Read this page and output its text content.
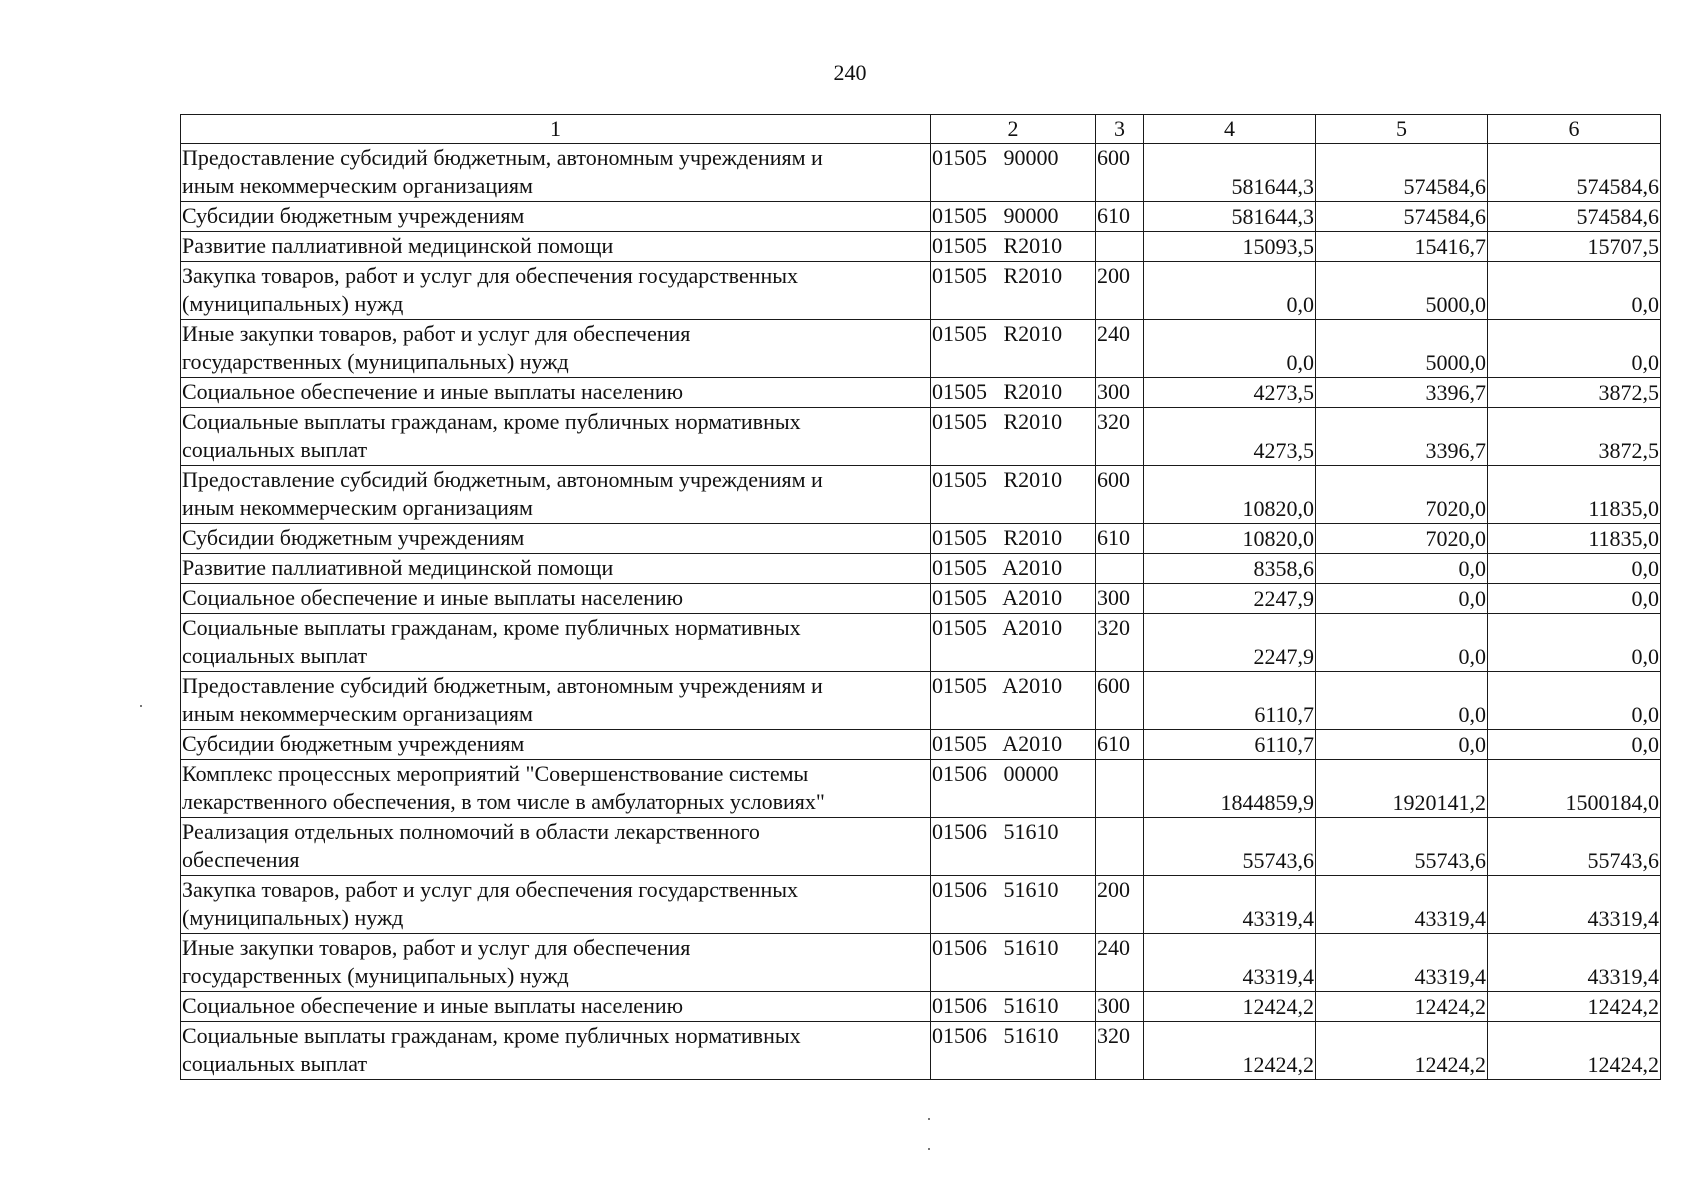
240
1	2	3	4	5	6

Предоставление субсидий бюджетным, автономным учреждениям и
иным некоммерческим организациям	01505   90000	600	581644,3	574584,6	574584,6

Субсидии бюджетным учреждениям	01505   90000	610	581644,3	574584,6	574584,6

Развитие паллиативной медицинской помощи	01505   R2010		15093,5	15416,7	15707,5

Закупка товаров, работ и услуг для обеспечения государственных
(муниципальных) нужд	01505   R2010	200	0,0	5000,0	0,0

Иные закупки товаров, работ и услуг для обеспечения
государственных (муниципальных) нужд	01505   R2010	240	0,0	5000,0	0,0

Социальное обеспечение и иные выплаты населению	01505   R2010	300	4273,5	3396,7	3872,5

Социальные выплаты гражданам, кроме публичных нормативных
социальных выплат	01505   R2010	320	4273,5	3396,7	3872,5

Предоставление субсидий бюджетным, автономным учреждениям и
иным некоммерческим организациям	01505   R2010	600	10820,0	7020,0	11835,0

Субсидии бюджетным учреждениям	01505   R2010	610	10820,0	7020,0	11835,0

Развитие паллиативной медицинской помощи	01505   A2010		8358,6	0,0	0,0

Социальное обеспечение и иные выплаты населению	01505   A2010	300	2247,9	0,0	0,0

Социальные выплаты гражданам, кроме публичных нормативных
социальных выплат	01505   A2010	320	2247,9	0,0	0,0

Предоставление субсидий бюджетным, автономным учреждениям и
иным некоммерческим организациям	01505   A2010	600	6110,7	0,0	0,0

Субсидии бюджетным учреждениям	01505   A2010	610	6110,7	0,0	0,0

Комплекс процессных мероприятий "Совершенствование системы
лекарственного обеспечения, в том числе в амбулаторных условиях"	01506   00000		1844859,9	1920141,2	1500184,0

Реализация отдельных полномочий в области лекарственного
обеспечения	01506   51610		55743,6	55743,6	55743,6

Закупка товаров, работ и услуг для обеспечения государственных
(муниципальных) нужд	01506   51610	200	43319,4	43319,4	43319,4

Иные закупки товаров, работ и услуг для обеспечения
государственных (муниципальных) нужд	01506   51610	240	43319,4	43319,4	43319,4

Социальное обеспечение и иные выплаты населению	01506   51610	300	12424,2	12424,2	12424,2

Социальные выплаты гражданам, кроме публичных нормативных
социальных выплат	01506   51610	320	12424,2	12424,2	12424,2
